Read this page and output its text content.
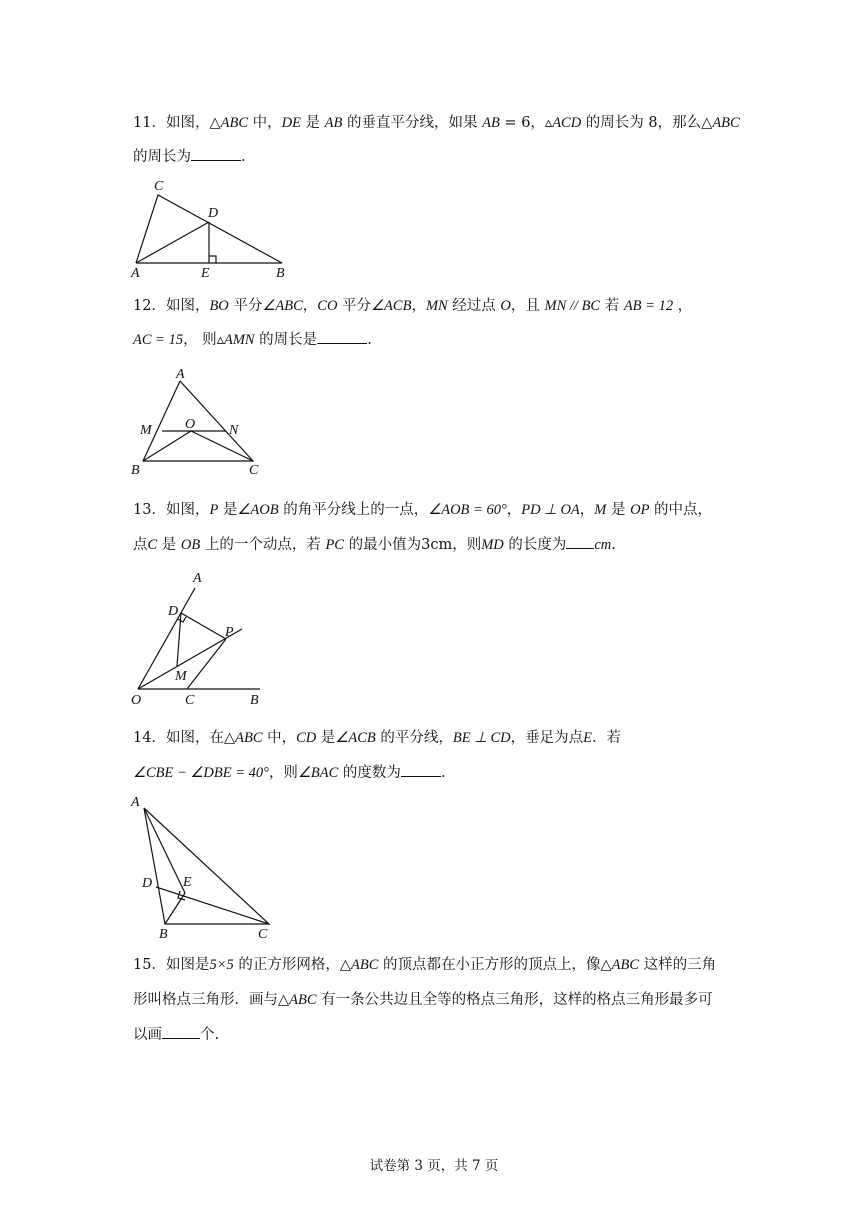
11．如图，△ABC 中，DE 是 AB 的垂直平分线，如果 AB = 6，▵ACD 的周长为 8，那么△ABC
的周长为	.
C
D
A	E	B
12．如图，BO 平分∠ABC，CO 平分∠ACB，MN 经过点 O，且 MN // BC 若 AB = 12 ，
AC = 15， 则▵AMN 的周长是	.
A
M O N
B	C
13．如图，P 是∠AOB 的角平分线上的一点，∠AOB = 60°，PD ⊥ OA，M 是 OP 的中点，
点C 是 OB 上的一个动点，若 PC 的最小值为3cm，则MD 的长度为 cm.
A
D
P
M
O	C	B
14．如图，在△ABC 中，CD 是∠ACB 的平分线，BE ⊥ CD，垂足为点E．若
∠CBE − ∠DBE = 40°，则∠BAC 的度数为	.
A
D E
B	C
15．如图是5×5 的正方形网格，△ABC 的顶点都在小正方形的顶点上，像△ABC 这样的三角
形叫格点三角形．画与△ABC 有一条公共边且全等的格点三角形，这样的格点三角形最多可
以画	个.
试卷第 3 页，共 7 页
